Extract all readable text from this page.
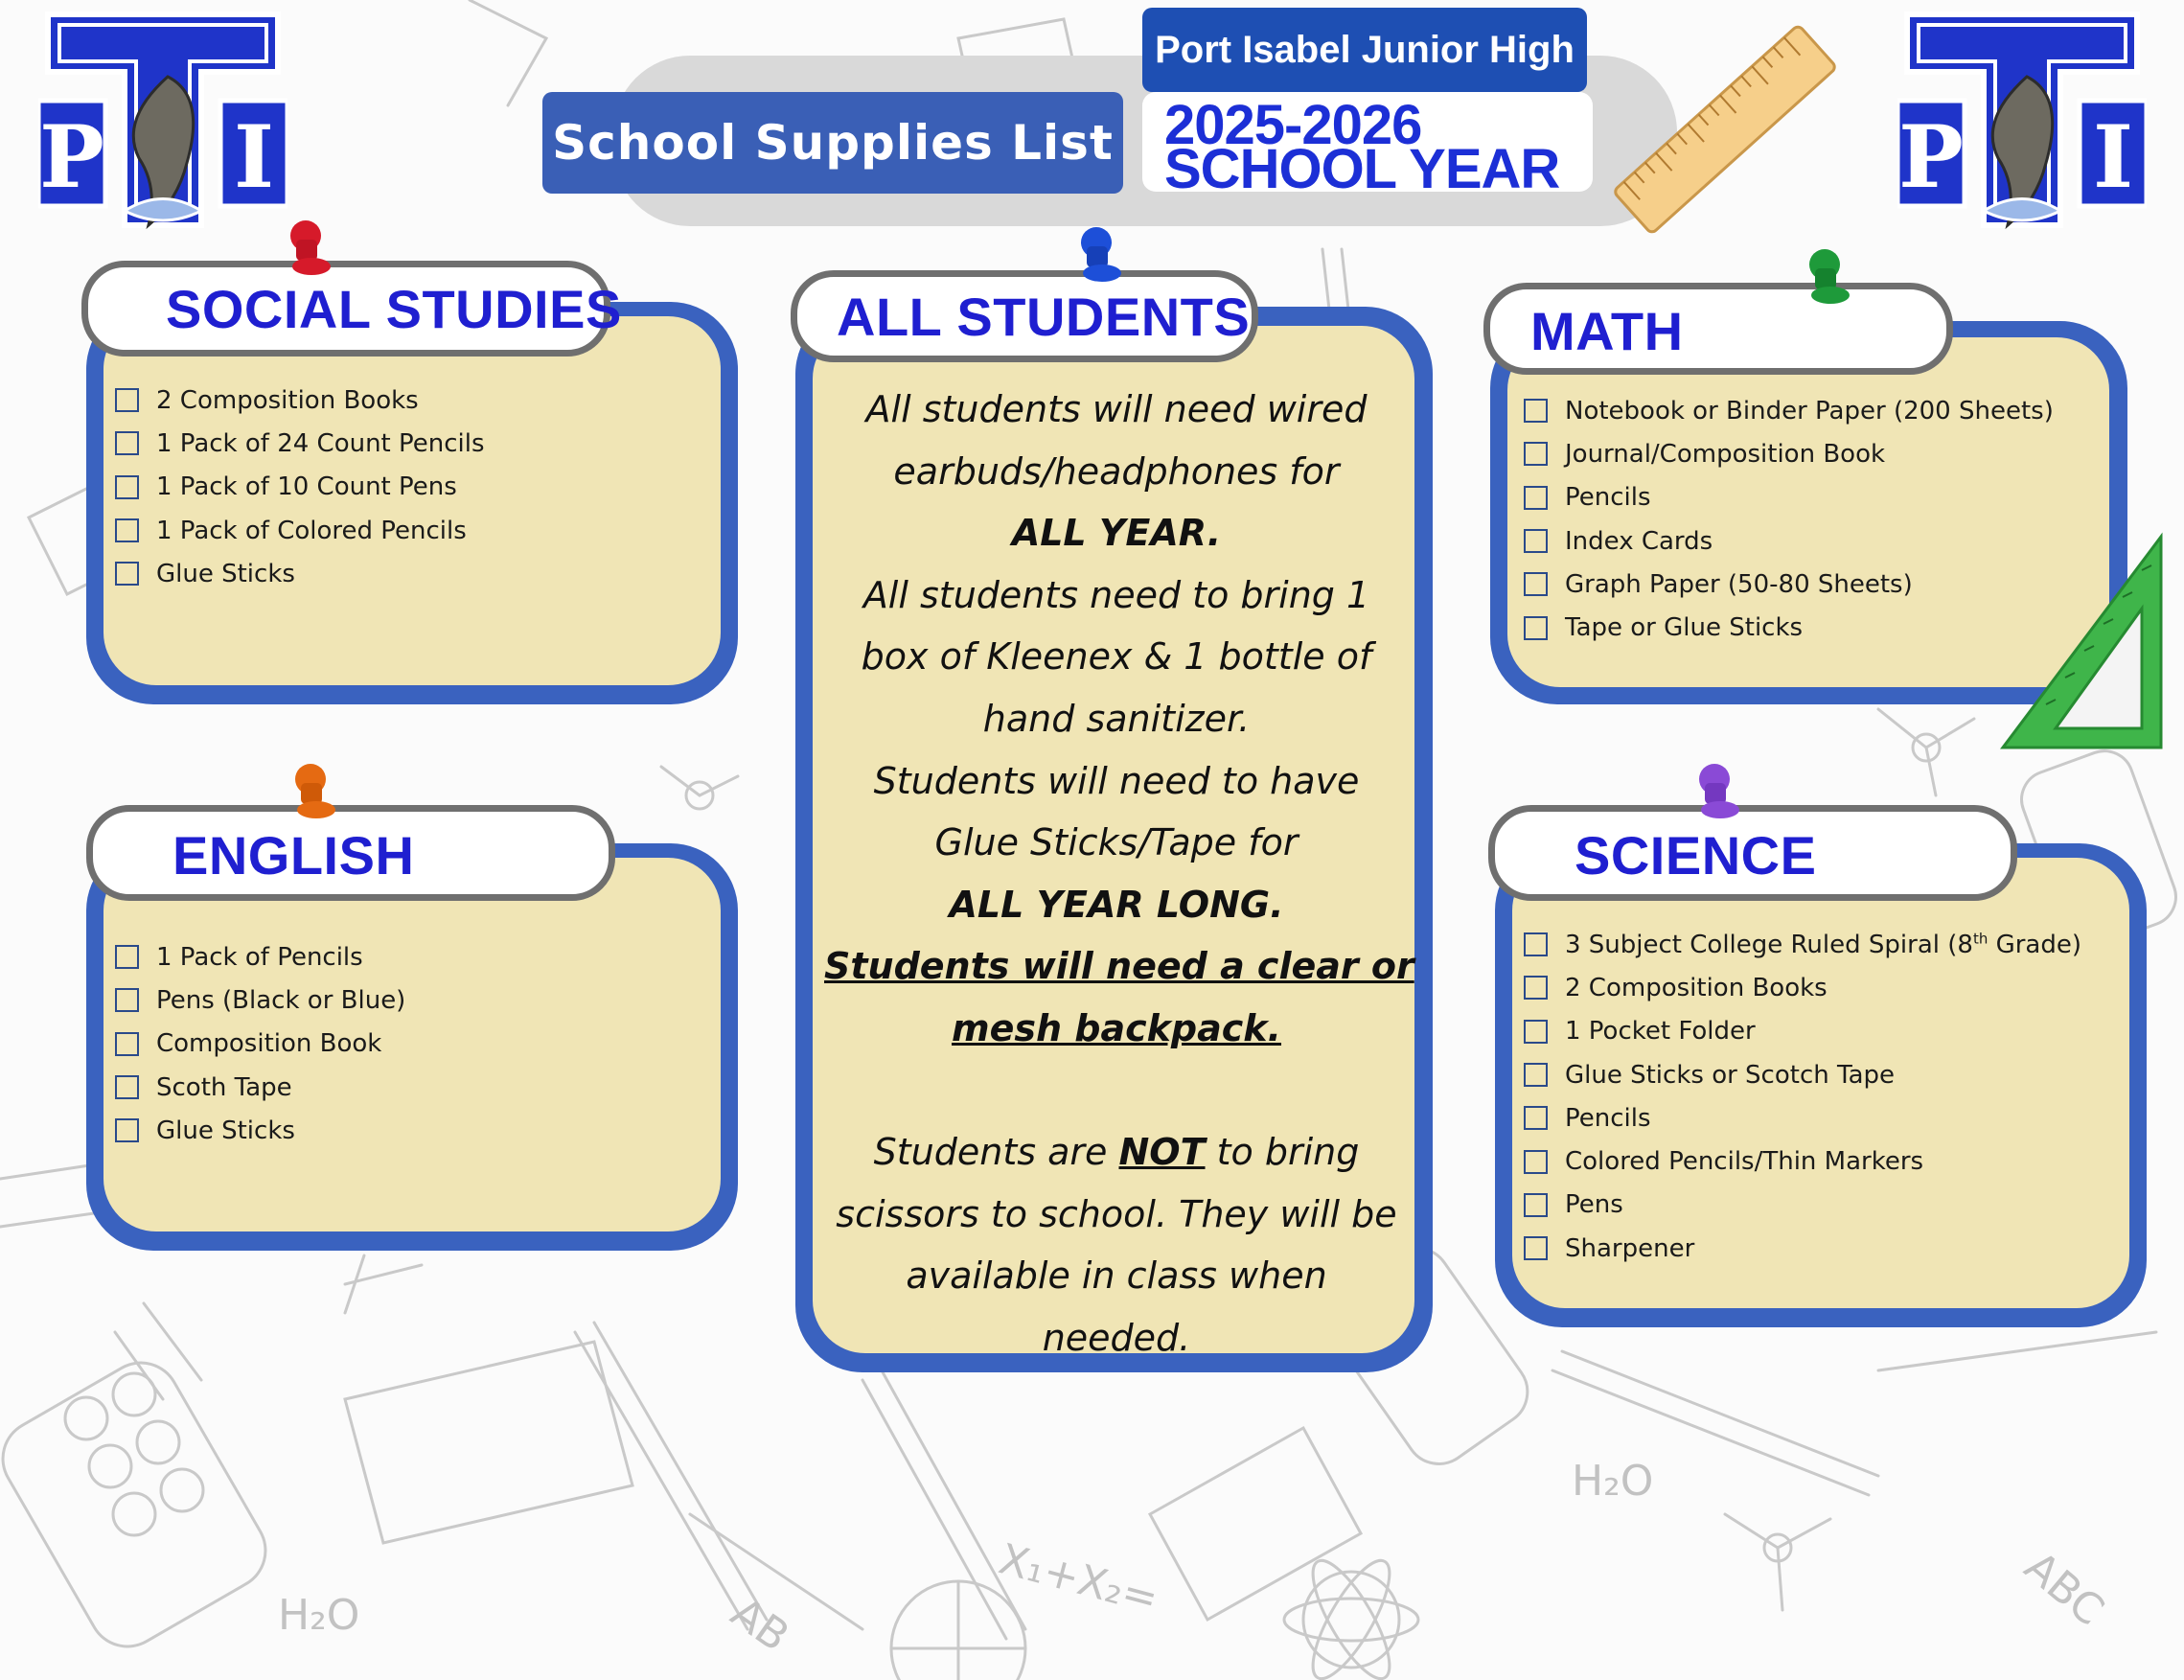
H₂O
H₂O
ABC
AB
X₁+X₂=
P I	P I
School Supplies List
Port Isabel Junior High
2025-2026
SCHOOL YEAR
SOCIAL STUDIES
2 Composition Books
1 Pack of 24 Count Pencils
1 Pack of 10 Count Pens
1 Pack of Colored Pencils
Glue Sticks
ENGLISH
1 Pack of Pencils
Pens (Black or Blue)
Composition Book
Scoth Tape
Glue Sticks
ALL STUDENTS
All students will need wired
earbuds/headphones for
ALL YEAR.
All students need to bring 1
box of Kleenex & 1 bottle of
hand sanitizer.
Students will need to have
Glue Sticks/Tape for
ALL YEAR LONG.
Students will need a clear or
mesh backpack.
Students are NOT to bring
scissors to school. They will be
available in class when
needed.
MATH
Notebook or Binder Paper (200 Sheets)
Journal/Composition Book
Pencils
Index Cards
Graph Paper (50-80 Sheets)
Tape or Glue Sticks
SCIENCE
3 Subject College Ruled Spiral (8th Grade)
2 Composition Books
1 Pocket Folder
Glue Sticks or Scotch Tape
Pencils
Colored Pencils/Thin Markers
Pens
Sharpener
